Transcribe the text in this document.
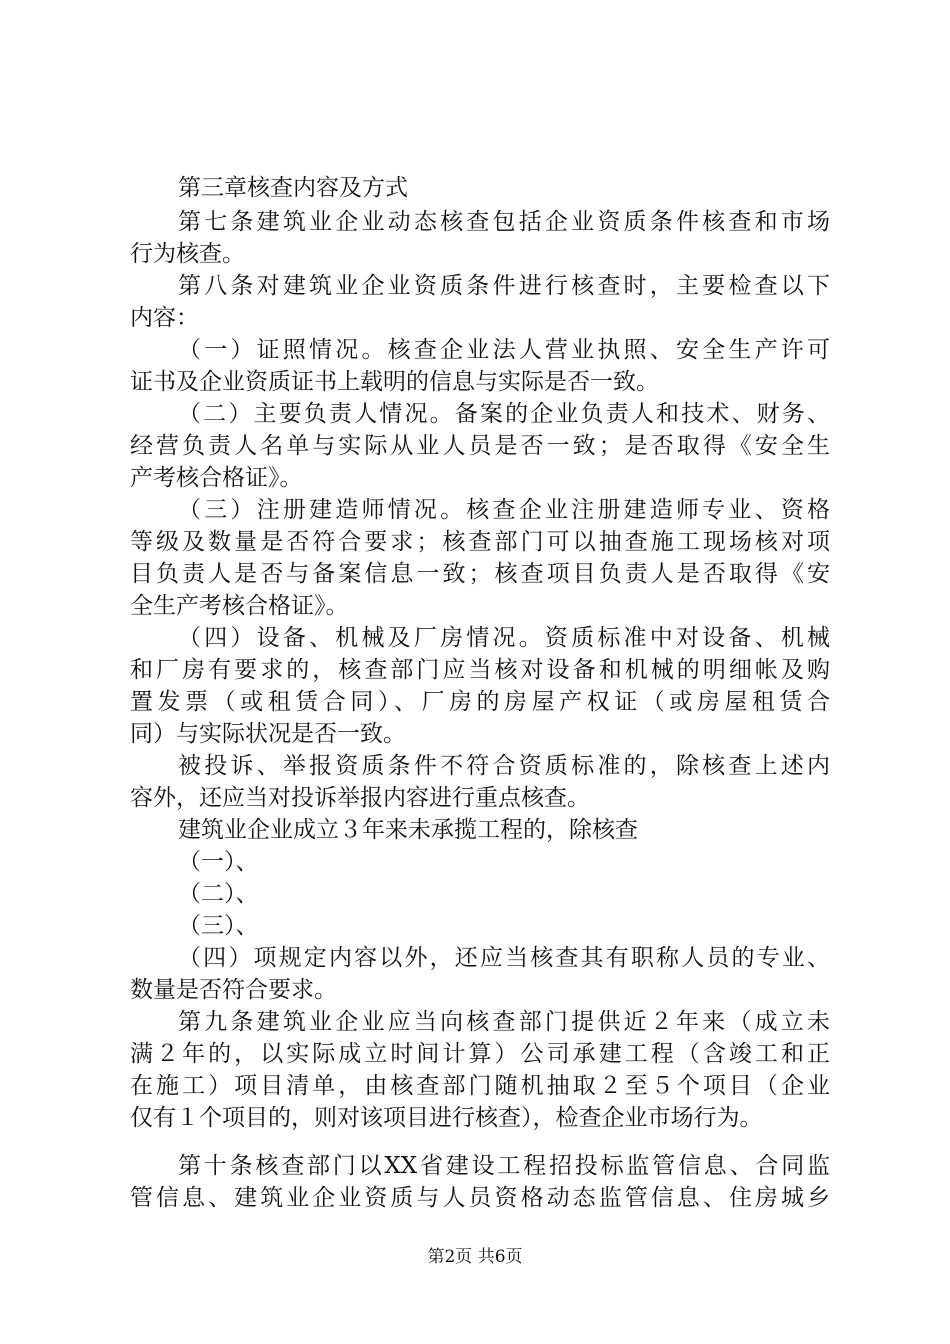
第三章核查内容及方式
第七条建筑业企业动态核查包括企业资质条件核查和市场
行为核查。
第八条对建筑业企业资质条件进行核查时，主要检查以下
内容：
（一）证照情况。核查企业法人营业执照、安全生产许可
证书及企业资质证书上载明的信息与实际是否一致。
（二）主要负责人情况。备案的企业负责人和技术、财务、
经营负责人名单与实际从业人员是否一致；是否取得《安全生
产考核合格证》。
（三）注册建造师情况。核查企业注册建造师专业、资格
等级及数量是否符合要求；核查部门可以抽查施工现场核对项
目负责人是否与备案信息一致；核查项目负责人是否取得《安
全生产考核合格证》。
（四）设备、机械及厂房情况。资质标准中对设备、机械
和厂房有要求的，核查部门应当核对设备和机械的明细帐及购
置发票（或租赁合同）、厂房的房屋产权证（或房屋租赁合
同）与实际状况是否一致。
被投诉、举报资质条件不符合资质标准的，除核查上述内
容外，还应当对投诉举报内容进行重点核查。
建筑业企业成立３年来未承揽工程的，除核查
（一）、
（二）、
（三）、
（四）项规定内容以外，还应当核查其有职称人员的专业、
数量是否符合要求。
第九条建筑业企业应当向核查部门提供近２年来（成立未
满２年的，以实际成立时间计算）公司承建工程（含竣工和正
在施工）项目清单，由核查部门随机抽取２至５个项目（企业
仅有１个项目的，则对该项目进行核查），检查企业市场行为。
第十条核查部门以XX省建设工程招投标监管信息、合同监
管信息、建筑业企业资质与人员资格动态监管信息、住房城乡
第2页 共6页
